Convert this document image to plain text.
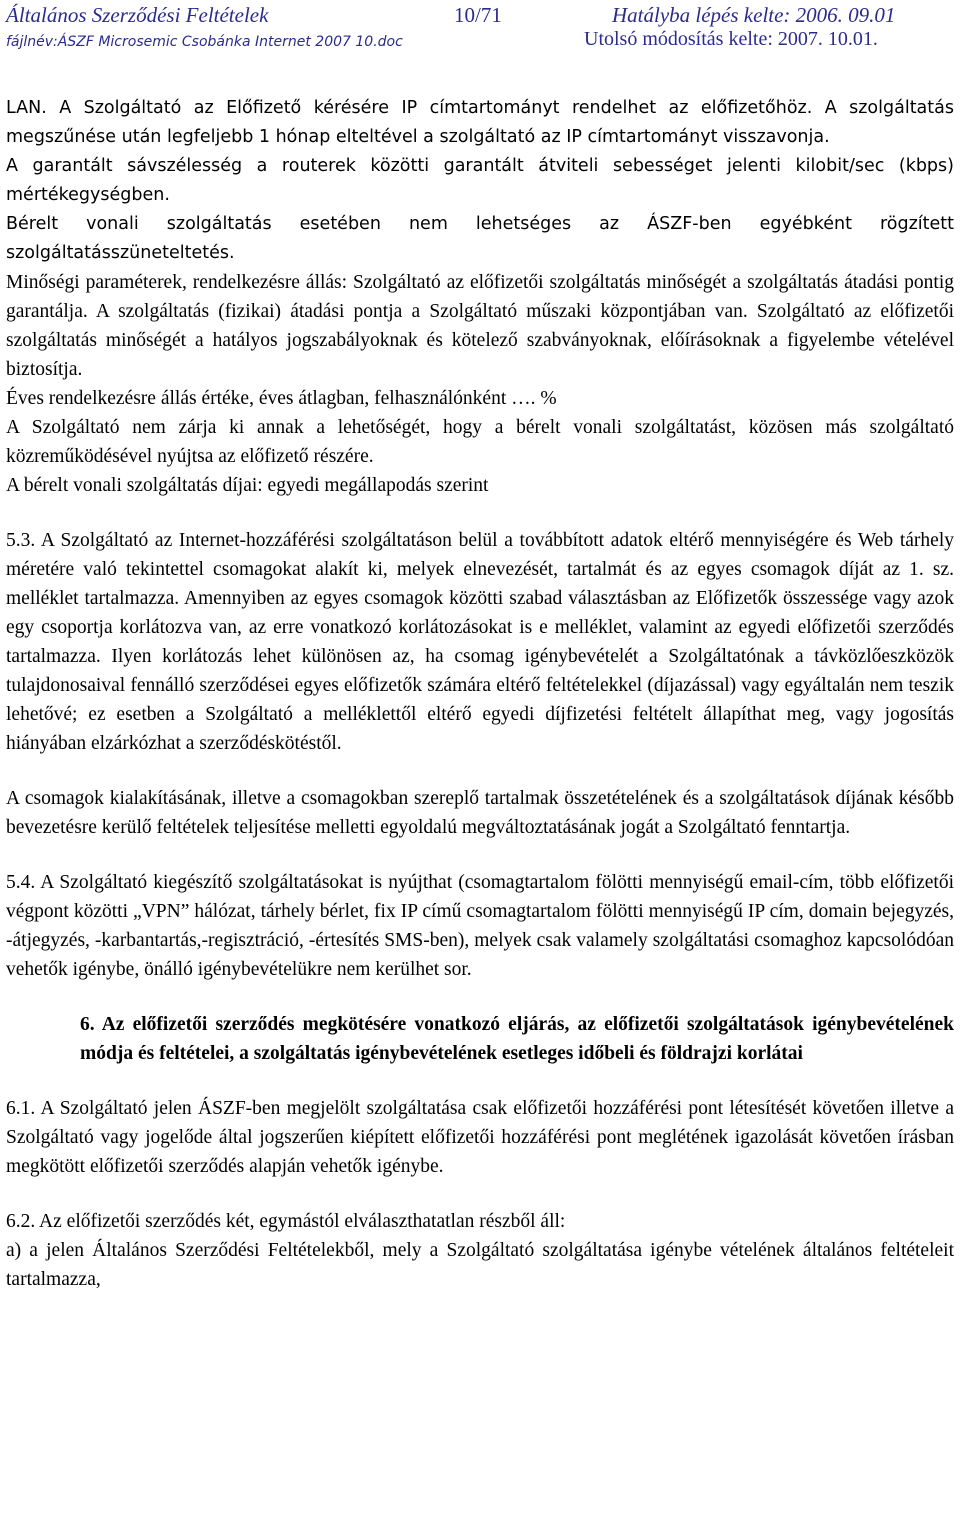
Általános Szerződési Feltételek	10/71	Hatályba lépés kelte: 2006. 09.01
fájlnév:ÁSZF Microsemic Csobánka Internet 2007 10.doc	Utolsó módosítás kelte: 2007. 10.01.

LAN. A Szolgáltató az Előfizető kérésére IP címtartományt rendelhet az előfizetőhöz. A szolgáltatás megszűnése után legfeljebb 1 hónap elteltével a szolgáltató az IP címtartományt visszavonja.

A garantált sávszélesség a routerek közötti garantált átviteli sebességet jelenti kilobit/sec (kbps) mértékegységben.

Bérelt vonali szolgáltatás esetében nem lehetséges az ÁSZF-ben egyébként rögzített szolgáltatásszüneteltetés.

Minőségi paraméterek, rendelkezésre állás: Szolgáltató az előfizetői szolgáltatás minőségét a szolgáltatás átadási pontig garantálja. A szolgáltatás (fizikai) átadási pontja a Szolgáltató műszaki központjában van. Szolgáltató az előfizetői szolgáltatás minőségét a hatályos jogszabályoknak és kötelező szabványoknak, előírásoknak a figyelembe vételével biztosítja.

Éves rendelkezésre állás értéke, éves átlagban, felhasználónként …. %

A Szolgáltató nem zárja ki annak a lehetőségét, hogy a bérelt vonali szolgáltatást, közösen más szolgáltató közreműködésével nyújtsa az előfizető részére.

A bérelt vonali szolgáltatás díjai: egyedi megállapodás szerint

5.3. A Szolgáltató az Internet-hozzáférési szolgáltatáson belül a továbbított adatok eltérő mennyiségére és Web tárhely méretére való tekintettel csomagokat alakít ki, melyek elnevezését, tartalmát és az egyes csomagok díját az 1. sz. melléklet tartalmazza. Amennyiben az egyes csomagok közötti szabad választásban az Előfizetők összessége vagy azok egy csoportja korlátozva van, az erre vonatkozó korlátozásokat is e melléklet, valamint az egyedi előfizetői szerződés tartalmazza. Ilyen korlátozás lehet különösen az, ha csomag igénybevételét a Szolgáltatónak a távközlőeszközök tulajdonosaival fennálló szerződései egyes előfizetők számára eltérő feltételekkel (díjazással) vagy egyáltalán nem teszik lehetővé; ez esetben a Szolgáltató a melléklettől eltérő egyedi díjfizetési feltételt állapíthat meg, vagy jogosítás hiányában elzárkózhat a szerződéskötéstől.

A csomagok kialakításának, illetve a csomagokban szereplő tartalmak összetételének és a szolgáltatások díjának később bevezetésre kerülő feltételek teljesítése melletti egyoldalú megváltoztatásának jogát a Szolgáltató fenntartja.

5.4. A Szolgáltató kiegészítő szolgáltatásokat is nyújthat (csomagtartalom fölötti mennyiségű email-cím, több előfizetői végpont közötti „VPN” hálózat, tárhely bérlet, fix IP című csomagtartalom fölötti mennyiségű IP cím, domain bejegyzés, -átjegyzés, -karbantartás,-regisztráció, -értesítés SMS-ben), melyek csak valamely szolgáltatási csomaghoz kapcsolódóan vehetők igénybe, önálló igénybevételükre nem kerülhet sor.

6. Az előfizetői szerződés megkötésére vonatkozó eljárás, az előfizetői szolgáltatások igénybevételének módja és feltételei, a szolgáltatás igénybevételének esetleges időbeli és földrajzi korlátai

6.1. A Szolgáltató jelen ÁSZF-ben megjelölt szolgáltatása csak előfizetői hozzáférési pont létesítését követően illetve a Szolgáltató vagy jogelőde által jogszerűen kiépített előfizetői hozzáférési pont meglétének igazolását követően írásban megkötött előfizetői szerződés alapján vehetők igénybe.

6.2. Az előfizetői szerződés két, egymástól elválaszthatatlan részből áll:

a) a jelen Általános Szerződési Feltételekből, mely a Szolgáltató szolgáltatása igénybe vételének általános feltételeit tartalmazza,
